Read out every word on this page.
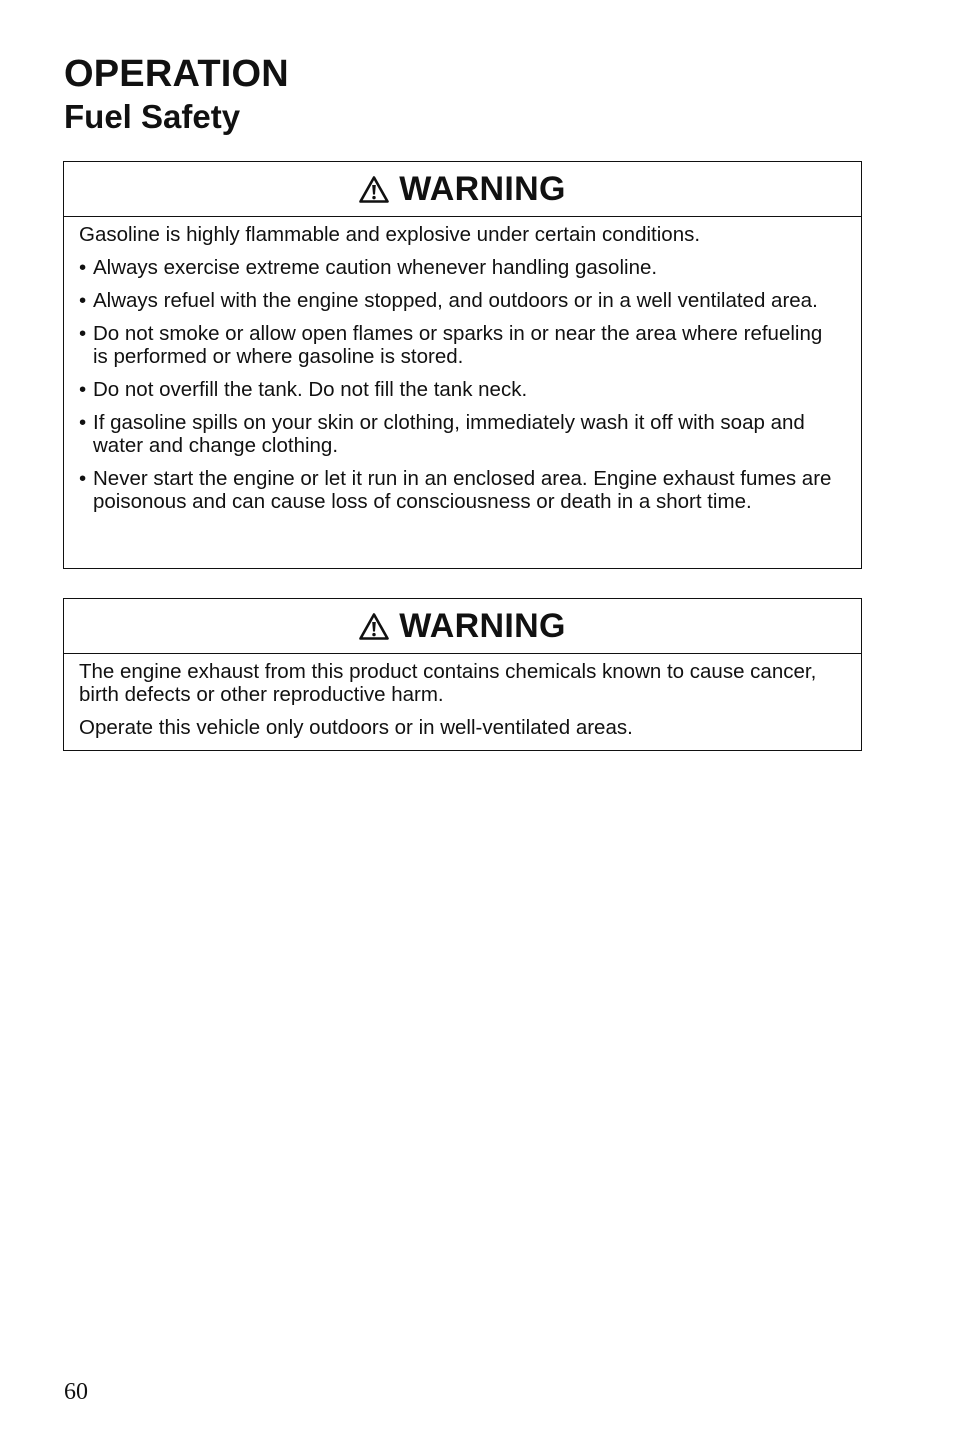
OPERATION
Fuel Safety
WARNING

Gasoline is highly flammable and explosive under certain conditions.

• Always exercise extreme caution whenever handling gasoline.
• Always refuel with the engine stopped, and outdoors or in a well ventilated area.
• Do not smoke or allow open flames or sparks in or near the area where refueling is performed or where gasoline is stored.
• Do not overfill the tank. Do not fill the tank neck.
• If gasoline spills on your skin or clothing, immediately wash it off with soap and water and change clothing.
• Never start the engine or let it run in an enclosed area. Engine exhaust fumes are poisonous and can cause loss of consciousness or death in a short time.
WARNING

The engine exhaust from this product contains chemicals known to cause cancer, birth defects or other reproductive harm.

Operate this vehicle only outdoors or in well-ventilated areas.

60
